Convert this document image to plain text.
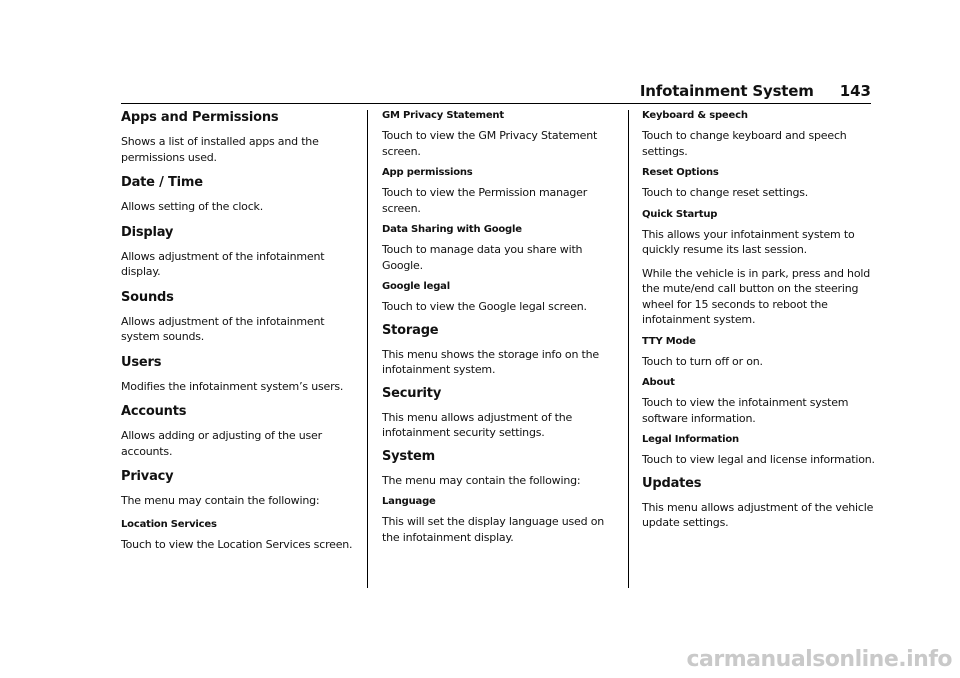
Infotainment System 143
Apps and Permissions
Shows a list of installed apps and the permissions used.
Date / Time
Allows setting of the clock.
Display
Allows adjustment of the infotainment display.
Sounds
Allows adjustment of the infotainment system sounds.
Users
Modifies the infotainment system’s users.
Accounts
Allows adding or adjusting of the user accounts.
Privacy
The menu may contain the following:
Location Services
Touch to view the Location Services screen.
GM Privacy Statement
Touch to view the GM Privacy Statement screen.
App permissions
Touch to view the Permission manager screen.
Data Sharing with Google
Touch to manage data you share with Google.
Google legal
Touch to view the Google legal screen.
Storage
This menu shows the storage info on the infotainment system.
Security
This menu allows adjustment of the infotainment security settings.
System
The menu may contain the following:
Language
This will set the display language used on the infotainment display.
Keyboard & speech
Touch to change keyboard and speech settings.
Reset Options
Touch to change reset settings.
Quick Startup
This allows your infotainment system to quickly resume its last session.
While the vehicle is in park, press and hold the mute/end call button on the steering wheel for 15 seconds to reboot the infotainment system.
TTY Mode
Touch to turn off or on.
About
Touch to view the infotainment system software information.
Legal Information
Touch to view legal and license information.
Updates
This menu allows adjustment of the vehicle update settings.
carmanualsonline.info
